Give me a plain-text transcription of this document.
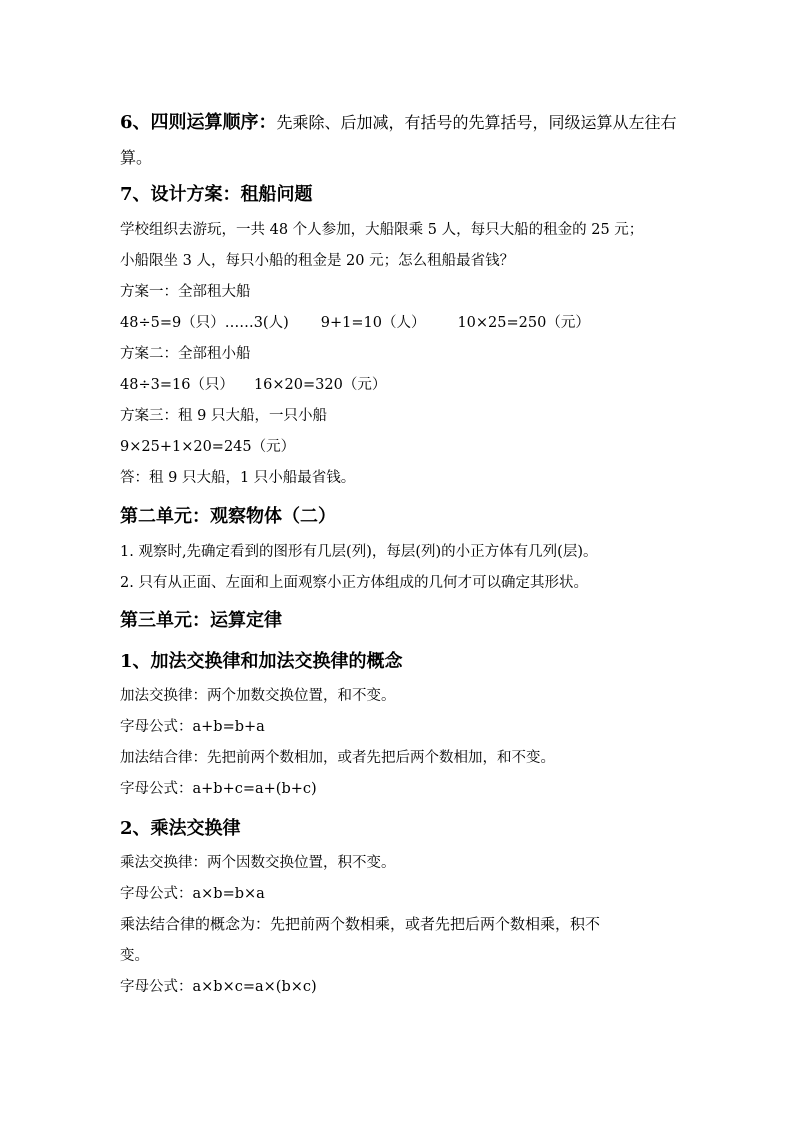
6、四则运算顺序：先乘除、后加减，有括号的先算括号，同级运算从左往右
算。
7、设计方案：租船问题
学校组织去游玩，一共 48 个人参加，大船限乘 5 人，每只大船的租金的 25 元；
小船限坐 3 人，每只小船的租金是 20 元；怎么租船最省钱？
方案一：全部租大船
48÷5=9（只）……3(人) 9+1=10（人） 10×25=250（元）
方案二：全部租小船
48÷3=16（只） 16×20=320（元）
方案三：租 9 只大船，一只小船
9×25+1×20=245（元）
答：租 9 只大船，1 只小船最省钱。
第二单元：观察物体（二）
1. 观察时,先确定看到的图形有几层(列)，每层(列)的小正方体有几列(层)。
2. 只有从正面、左面和上面观察小正方体组成的几何才可以确定其形状。
第三单元：运算定律
1、加法交换律和加法交换律的概念
加法交换律：两个加数交换位置，和不变。
字母公式：a+b=b+a
加法结合律：先把前两个数相加，或者先把后两个数相加，和不变。
字母公式：a+b+c=a+(b+c)
2、乘法交换律
乘法交换律：两个因数交换位置，积不变。
字母公式：a×b=b×a
乘法结合律的概念为：先把前两个数相乘，或者先把后两个数相乘，积不
变。
字母公式：a×b×c=a×(b×c)
